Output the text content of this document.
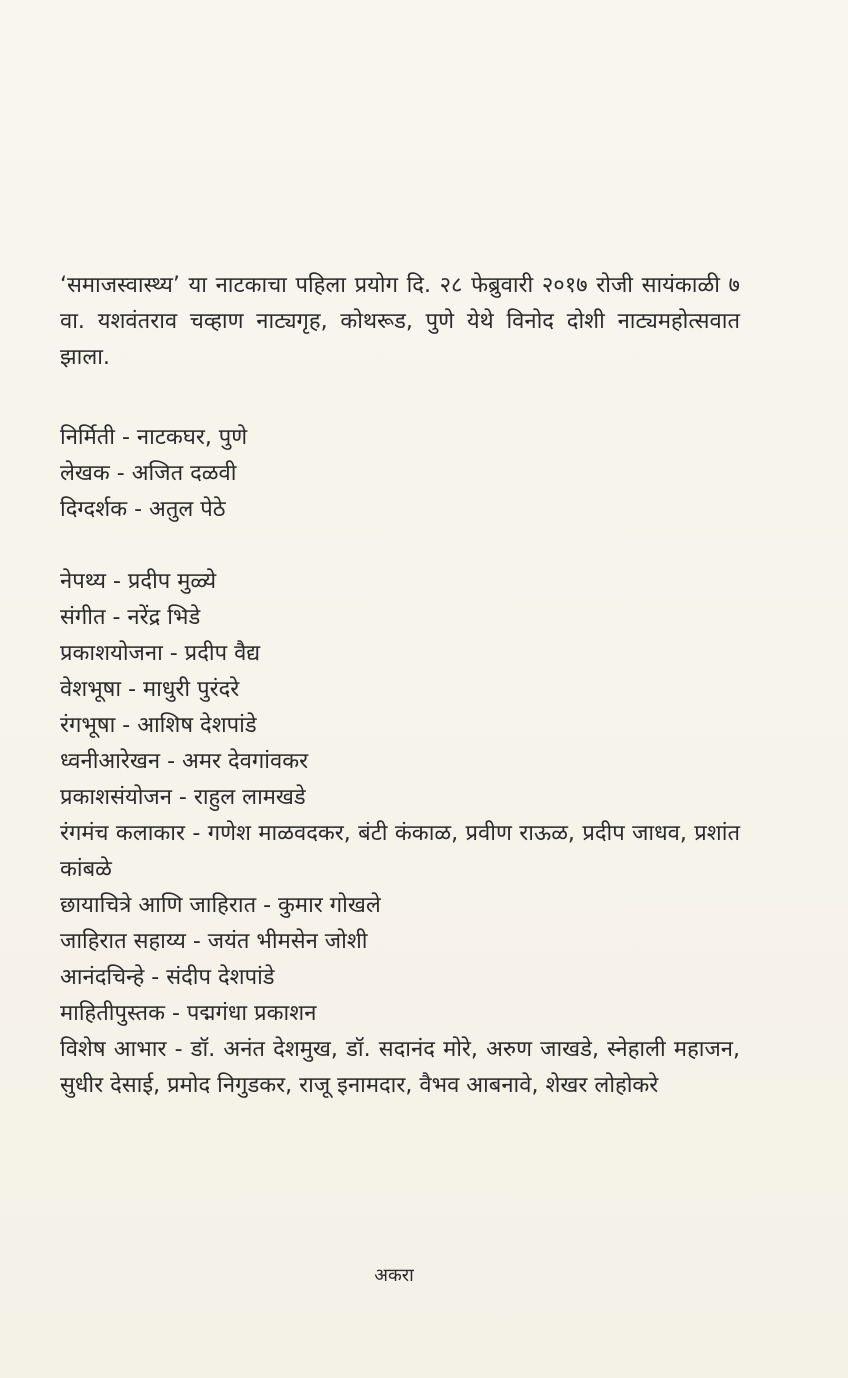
‘समाजस्वास्थ्य’ या नाटकाचा पहिला प्रयोग दि. २८ फेब्रुवारी २०१७ रोजी सायंकाळी ७ वा. यशवंतराव चव्हाण नाट्यगृह, कोथरूड, पुणे येथे विनोद दोशी नाट्यमहोत्सवात झाला.

निर्मिती - नाटकघर, पुणे
लेखक - अजित दळवी
दिग्दर्शक - अतुल पेठे
नेपथ्य - प्रदीप मुळ्ये
संगीत - नरेंद्र भिडे
प्रकाशयोजना - प्रदीप वैद्य
वेशभूषा - माधुरी पुरंदरे
रंगभूषा - आशिष देशपांडे
ध्वनीआरेखन - अमर देवगांवकर
प्रकाशसंयोजन - राहुल लामखडे
रंगमंच कलाकार - गणेश माळवदकर, बंटी कंकाळ, प्रवीण राऊळ, प्रदीप जाधव, प्रशांत कांबळे
छायाचित्रे आणि जाहिरात - कुमार गोखले
जाहिरात सहाय्य - जयंत भीमसेन जोशी
आनंदचिन्हे - संदीप देशपांडे
माहितीपुस्तक - पद्मगंधा प्रकाशन
विशेष आभार - डॉ. अनंत देशमुख, डॉ. सदानंद मोरे, अरुण जाखडे, स्नेहाली महाजन, सुधीर देसाई, प्रमोद निगुडकर, राजू इनामदार, वैभव आबनावे, शेखर लोहोकरे
अकरा
